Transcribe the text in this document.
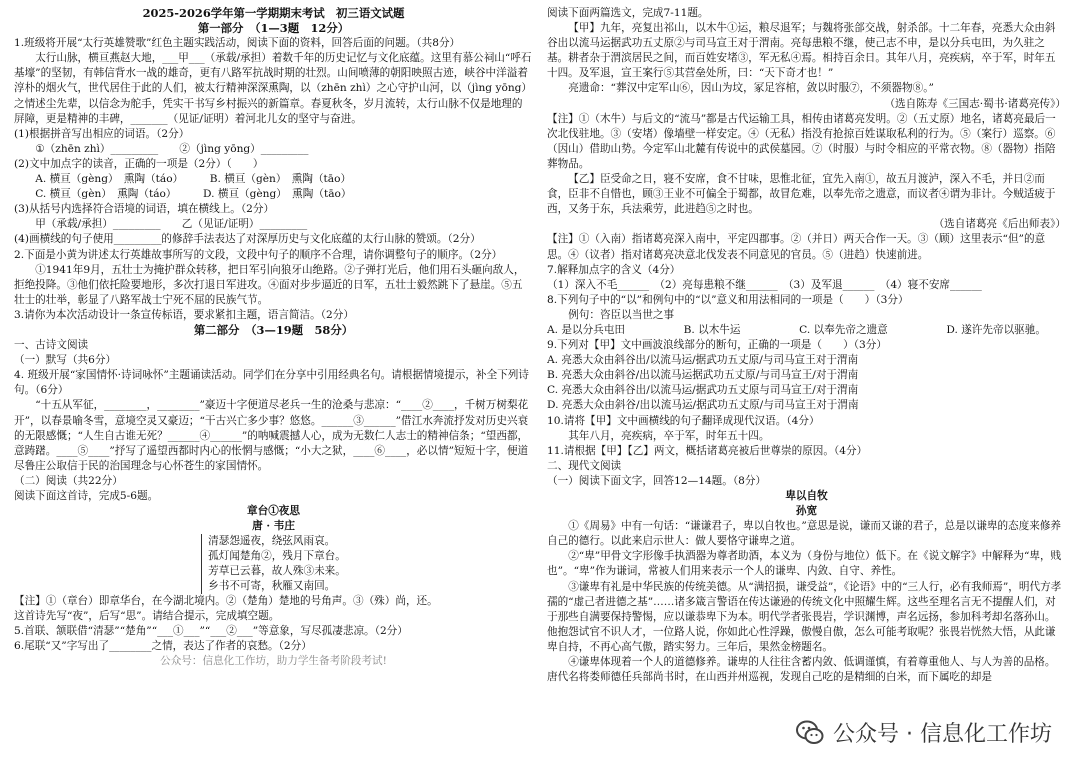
2025-2026学年第一学期期末考试　初三语文试题

第一部分　（1—3题　12分）

1.班级将开展“太行英雄赞歌”红色主题实践活动，阅读下面的资料，回答后面的问题。（共8分）

太行山脉，横亘燕赵大地，___甲___（承载/承担）着数千年的历史记忆与文化底蕴。这里有慕公祠山“呼石基壕”的坚韧，有韩信背水一战的雄奇，更有八路军抗战时期的壮烈。山间喷薄的朝阳映照古迹，峡谷中洋溢着淳朴的烟火气，世代居住于此的人们，被太行精神深深熏陶，以（zhēn zhì）之心守护山河，以（jìng yōng）之情述尘先辈，以信念为舵手，凭实干书写乡村振兴的新篇章。春夏秋冬，岁月流转，太行山脉不仅是地理的屏障，更是精神的丰碑，_______（见证/证明）着河北儿女的坚守与奋进。

(1)根据拼音写出相应的词语。（2分）

①（zhēn zhì）_________　　②（jìng yōng）_________

(2)文中加点字的读音，正确的一项是（2分）（　　）

A. 横亘（gèng）　熏陶（táo）　　　B. 横亘（gèn）　熏陶（tāo）

C. 横亘（gèn）　熏陶（táo）　　　D. 横亘（gèng）　熏陶（tāo）

(3)从括号内选择符合语境的词语，填在横线上。（2分）

甲（承载/承担）_________　　乙（见证/证明）_________

(4)画横线的句子使用_________的修辞手法表达了对深厚历史与文化底蕴的太行山脉的赞颂。（2分）

2.下面是小黄为讲述太行英雄故事所写的文段，文段中句子的顺序不合理，请你调整句子的顺序。（2分）

①1941年9月，五壮士为掩护群众转移，把日军引向狼牙山绝路。②子弹打光后，他们用石头砸向敌人，拒绝投降。③他们依托险要地形，多次打退日军进攻。④面对步步逼近的日军，五壮士毅然跳下了悬崖。⑤五壮士的壮举，彰显了八路军战士宁死不屈的民族气节。

3.请你为本次活动设计一条宣传标语，要求紧扣主题，语言简洁。（2分）

第二部分　（3—19题　58分）

一、古诗文阅读

（一）默写（共6分）

4. 班级开展“家国情怀·诗词咏怀”主题诵读活动。同学们在分享中引用经典名句。请根据情境提示，补全下列诗句。（6分）

“十五从军征，________，________”豪迈十字便道尽老兵一生的沧桑与悲凉：“____②____，千树万树梨花开”，以春景喻冬雪，意境空灵又豪迈；“干古兴亡多少事？悠悠。______③______”借江水奔流抒发对历史兴衰的无限感慨；“人生自古谁无死？______④______”的呐喊震撼人心，成为无数仁人志士的精神信条；“望西都，意踌躇。____⑤____”抒写了遥望西都时内心的怅惘与感慨；“小大之狱，____⑥____，必以情”短短十字，便道尽鲁庄公取信于民的治国理念与心怀苍生的家国情怀。

（二）阅读（共22分）

阅读下面这首诗，完成5-6题。

章台①夜思

唐 · 韦庄

清瑟怨遥夜，绕弦风雨哀。

孤灯闻楚角②，残月下章台。

芳草已云暮，故人殊③未来。

乡书不可寄，秋雁又南回。

【注】①（章台）即章华台，在今湖北境内。②（楚角）楚地的号角声。③（殊）尚，还。

这首诗先写“夜”，后写“思”。请结合提示，完成填空题。

5.首联、颔联借“清瑟”“楚角”“___①___”“___②___”等意象，写尽孤凄悲凉。（2分）

6.尾联“又”字写出了________之情，表达了作者的哀愁。（2分）

公众号：信息化工作坊，助力学生备考阶段考试!

阅读下面两篇选文，完成7-11题。

【甲】九年，亮复出祁山，以木牛①运，粮尽退军；与魏将张郃交战，射杀郃。十二年春，亮悉大众由斜谷出以流马运据武功五丈原②与司马宣王对于渭南。亮每患粮不继，使己志不申，是以分兵屯田，为久驻之基。耕者杂于渭滨居民之间，而百姓安堵③，军无私④焉。相持百余日。其年八月，亮疾病，卒于军，时年五十四。及军退，宣王案行⑤其营垒处所，曰：“天下奇才也！”

亮遗命：“葬汉中定军山⑥，因山为坟，冢足容棺，敛以时服⑦，不须器物⑧。”

（选自陈寿《三国志·蜀书·诸葛亮传》）

【注】①（木牛）与后文的“流马”都是古代运输工具，相传由诸葛亮发明。②（五丈原）地名，诸葛亮最后一次北伐驻地。③（安堵）像墙壁一样安定。④（无私）指没有抢掠百姓谋取私利的行为。⑤（案行）巡察。⑥（因山）借助山势。今定军山北麓有传说中的武侯墓园。⑦（时服）与时令相应的平常衣物。⑧（器物）指陪葬物品。

【乙】臣受命之日，寝不安席，食不甘味，思惟北征，宜先入南①，故五月渡泸，深入不毛，并日②而食，臣非不自惜也，顾③王业不可偏全于蜀都，故冒危难，以奉先帝之遗意，而议者④谓为非计。今贼适疲于西，又务于东，兵法乘劳，此进趋⑤之时也。

（选自诸葛亮《后出师表》）

【注】①（入南）指诸葛亮深入南中，平定四郡事。②（并日）两天合作一天。③（顾）这里表示“但”的意思。④（议者）指对诸葛亮决意北伐发表不同意见的官员。⑤（进趋）快速前进。

7.解释加点字的含义（4分）

（1）深入不毛______　（2）亮每患粮不继______　（3）及军退______　（4）寝不安席______

8.下列句子中的“以”和例句中的“以”意义和用法相同的一项是（　　）（3分）

例句：咨臣以当世之事

A. 是以分兵屯田	B. 以木牛运	C. 以奉先帝之遗意	D. 遂许先帝以驱驰。

9.下列对【甲】文中画波浪线部分的断句，正确的一项是（　　）（3分）

A. 亮悉大众由斜谷出/以流马运/据武功五丈原/与司马宣王对于渭南

B. 亮悉大众由斜谷/出以流马运据武功五丈原/与司马宣王/对于渭南

C. 亮悉大众由斜谷出/以流马运/据武功五丈原与司马宣王/对于渭南

D. 亮悉大众由斜谷/出以流马运/据武功五丈原/与司马宣王对于渭南

10.请将【甲】文中画横线的句子翻译成现代汉语。（4分）

其年八月，亮疾病，卒于军，时年五十四。

11.请根据【甲】【乙】两文，概括诸葛亮被后世尊崇的原因。（4分）

二、现代文阅读

（一）阅读下面文字，回答12—14题。（8分）

卑以自牧

孙宽

①《周易》中有一句话：“谦谦君子，卑以自牧也。”意思是说，谦而又谦的君子，总是以谦卑的态度来修养自己的德行。以此来启示世人：做人要恪守谦卑之道。

②“卑”甲骨文字形像手执酒器为尊者助酒，本义为（身份与地位）低下。在《说文解字》中解释为“卑，贱也”。“卑”作为谦词，常被人们用来表示一个人的谦卑、内敛、自守、养性。

③谦卑有礼是中华民族的传统美德。从“满招损，谦受益”，《论语》中的“三人行，必有我师焉”，明代方孝孺的“虚己者进德之基”……诸多箴言警语在传达谦逊的传统文化中照耀生辉。这些至理名言无不提醒人们，对于那些自满要保持警惕，应以谦恭卑下为本。明代学者张畏岩，学识渊博，声名远扬，参加科考却名落孙山。他抱怨试官不识人才，一位路人说，你如此心性浮躁，傲慢自傲，怎么可能考取呢？张畏岩恍然大悟，从此谦卑自持，不再心高气傲，踏实努力。三年后，果然金榜题名。

④谦卑体现着一个人的道德修养。谦卑的人往往含蓄内敛、低调谨慎，有着尊重他人、与人为善的品格。唐代名将娄师德任兵部尚书时，在山西并州巡视，发现自己吃的是精细的白米，而下属吃的却是

公众号 · 信息化工作坊
